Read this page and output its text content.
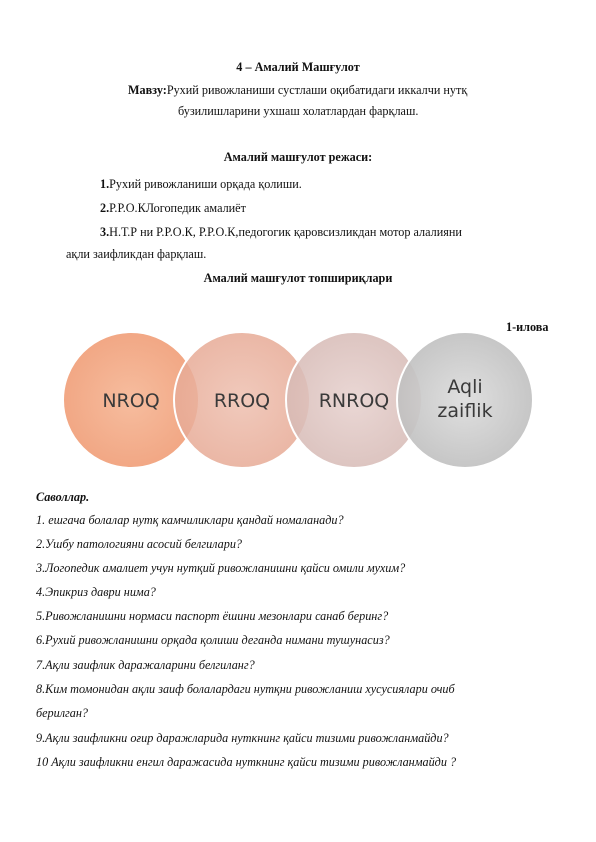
4 – Амалий Машғулот
Мавзу:Рухий ривожланиши сустлаши оқибатидаги иккалчи нутқ
бузилишларини ухшаш холатлардан фарқлаш.
Амалий машғулот режаси:
1.Рухий ривожланиши орқада қолиши.
2.Р.Р.О.КЛогопедик амалиёт
3.Н.Т.Р ни Р.Р.О.К, Р.Р.О.К,педогогик қаровсизликдан мотор алалияни
ақли заифликдан фарқлаш.
Амалий машғулот топшириқлари
1-илова
NROQ	RROQ	RNROQ
Aqli
zaiflik
Саволлар.
1. ешгача болалар нутқ камчиликлари қандай номаланади?
2.Ушбу патологияни асосий белгилари?
3.Логопедик амалиет учун нутқий ривожланишни қайси омили мухим?
4.Эпикриз даври нима?
5.Ривожланишни нормаси паспорт ёшини мезонлари санаб беринг?
6.Рухий ривожланишни орқада қолиши деганда нимани тушунасиз?
7.Ақли заифлик даражаларини белгиланг?
8.Ким томонидан ақли заиф болалардаги нутқни ривожланиш хусусиялари очиб
берилган?
9.Ақли заифликни оғир даражларида нуткнинг қайси тизими ривожланмайди?
10 Ақли заифликни енгил даражасида нуткнинг қайси тизими ривожланмайди ?
